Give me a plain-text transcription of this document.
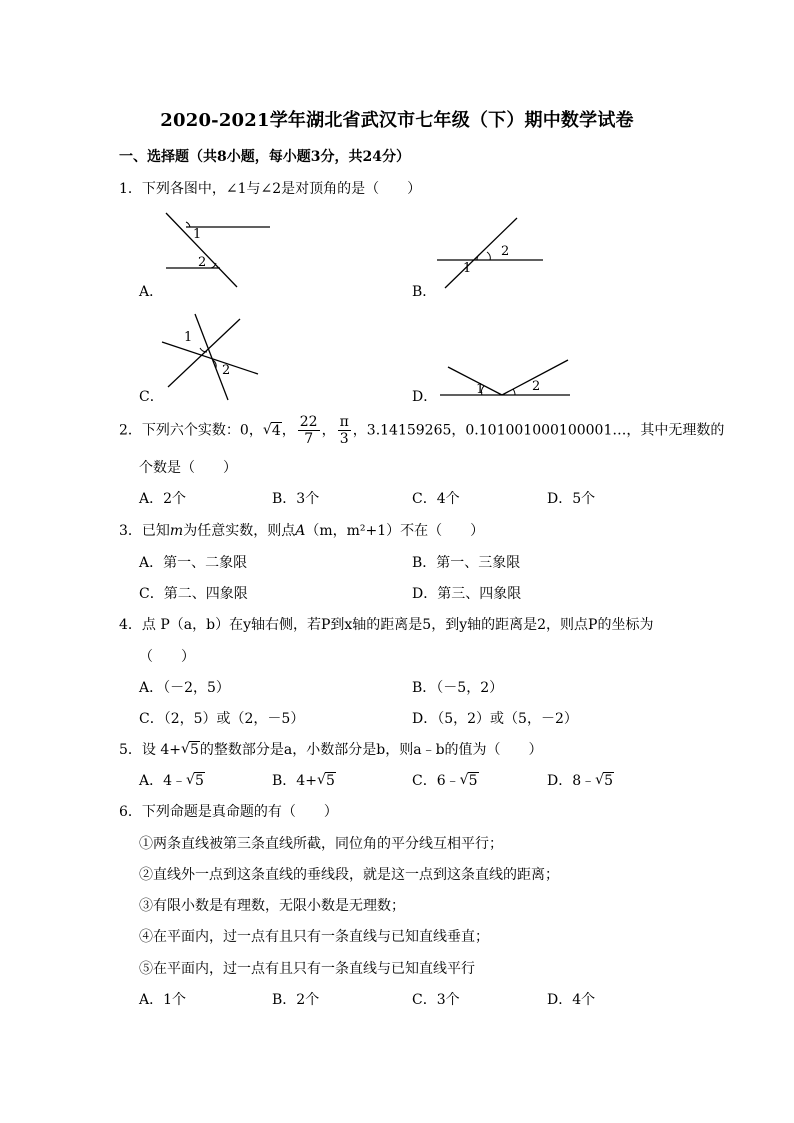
2020-2021学年湖北省武汉市七年级（下）期中数学试卷
一、选择题（共8小题，每小题3分，共24分）
1．下列各图中，∠1与∠2是对顶角的是（　　）
A．
1
2
B．
1
2
C．
1
2
D．	1	2
2．下列六个实数：0， √ 4， $\frac{22}{7}$ ， $\frac{\pi}{3}$ ，3.14159265，0.101001000100001…，其中无理数的
个数是（　　）
A．2个	B．3个	C．4个	D．5个
3．已知m为任意实数，则点A（m，m²+1）不在（　　）
A．第一、二象限	B．第一、三象限
C．第二、四象限	D．第三、四象限
4．点 P（a，b）在y轴右侧，若P到x轴的距离是5，到y轴的距离是2，则点P的坐标为
（　　）
A．（－2，5）	B．（－5，2）
C．（2，5）或（2，－5）	D．（5，2）或（5，－2）
5．设 4+ √ 5的整数部分是a，小数部分是b，则a﹣b的值为（　　）
A．4﹣ √ 5	B．4+ √ 5	C．6﹣ √ 5	D．8﹣ √ 5
6．下列命题是真命题的有（　　）
①两条直线被第三条直线所截，同位角的平分线互相平行；
②直线外一点到这条直线的垂线段，就是这一点到这条直线的距离；
③有限小数是有理数，无限小数是无理数；
④在平面内，过一点有且只有一条直线与已知直线垂直；
⑤在平面内，过一点有且只有一条直线与已知直线平行
A．1个	B．2个	C．3个	D．4个
